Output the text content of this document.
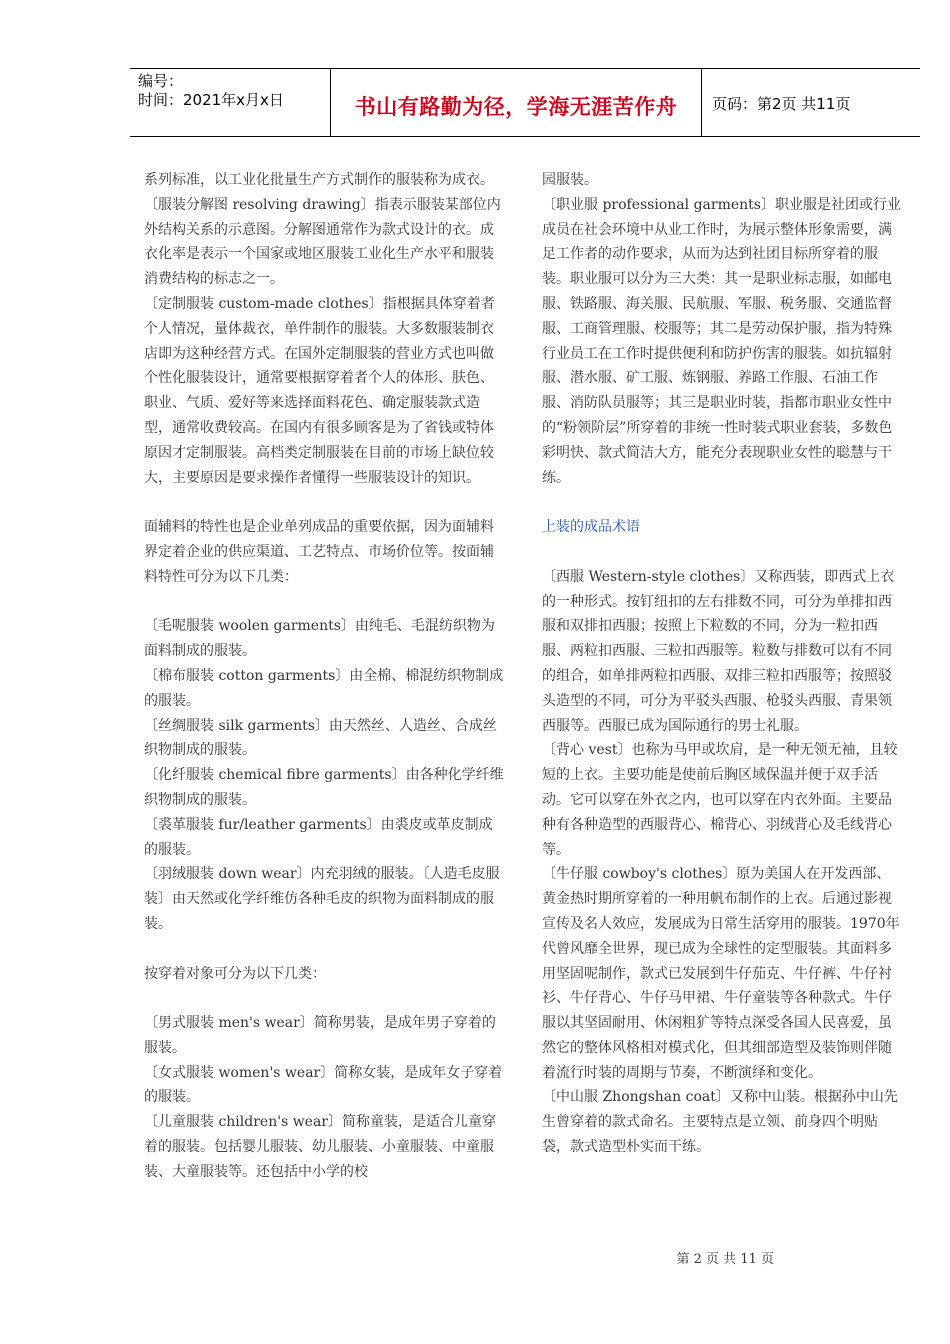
编号：
时间：2021年x月x日	书山有路勤为径，学海无涯苦作舟	页码：第2页 共11页

系列标准，以工业化批量生产方式制作的服装称为成衣。

〔服装分解图 resolving drawing〕指表示服装某部位内外结构关系的示意图。分解图通常作为款式设计的衣。成衣化率是表示一个国家或地区服装工业化生产水平和服装消费结构的标志之一。

〔定制服装 custom-made clothes〕指根据具体穿着者个人情况，量体裁衣，单件制作的服装。大多数服装制衣店即为这种经营方式。在国外定制服装的营业方式也叫做个性化服装设计，通常要根据穿着者个人的体形、肤色、职业、气质、爱好等来选择面料花色、确定服装款式造型，通常收费较高。在国内有很多顾客是为了省钱或特体原因才定制服装。高档类定制服装在目前的市场上缺位较大，主要原因是要求操作者懂得一些服装设计的知识。

面辅料的特性也是企业单列成品的重要依据，因为面辅料界定着企业的供应渠道、工艺特点、市场价位等。按面辅料特性可分为以下几类：

〔毛呢服装 woolen garments〕由纯毛、毛混纺织物为面料制成的服装。

〔棉布服装 cotton garments〕由全棉、棉混纺织物制成的服装。

〔丝绸服装 silk garments〕由天然丝、人造丝、合成丝织物制成的服装。

〔化纤服装 chemical fibre garments〕由各种化学纤维织物制成的服装。

〔裘革服装 fur/leather garments〕由裘皮或革皮制成的服装。

〔羽绒服装 down wear〕内充羽绒的服装。〔人造毛皮服装〕由天然或化学纤维仿各种毛皮的织物为面料制成的服装。

按穿着对象可分为以下几类：

〔男式服装 men's wear〕简称男装，是成年男子穿着的服装。

〔女式服装 women's wear〕简称女装，是成年女子穿着的服装。

〔儿童服装 children's wear〕简称童装，是适合儿童穿着的服装。包括婴儿服装、幼儿服装、小童服装、中童服装、大童服装等。还包括中小学的校

园服装。

〔职业服 professional garments〕职业服是社团或行业成员在社会环境中从业工作时，为展示整体形象需要，满足工作者的动作要求，从而为达到社团目标所穿着的服装。职业服可以分为三大类：其一是职业标志服，如邮电服、铁路服、海关服、民航服、军服、税务服、交通监督服、工商管理服、校服等；其二是劳动保护服，指为特殊行业员工在工作时提供便利和防护伤害的服装。如抗辐射服、潜水服、矿工服、炼钢服、养路工作服、石油工作服、消防队员服等；其三是职业时装，指都市职业女性中的“粉领阶层”所穿着的非统一性时装式职业套装，多数色彩明快、款式简洁大方，能充分表现职业女性的聪慧与干练。

上装的成品术语

〔西服 Western-style clothes〕又称西装，即西式上衣的一种形式。按钉纽扣的左右排数不同，可分为单排扣西服和双排扣西服；按照上下粒数的不同，分为一粒扣西服、两粒扣西服、三粒扣西服等。粒数与排数可以有不同的组合，如单排两粒扣西服、双排三粒扣西服等；按照驳头造型的不同，可分为平驳头西服、枪驳头西服、青果领西服等。西服已成为国际通行的男士礼服。

〔背心 vest〕也称为马甲或坎肩，是一种无领无袖，且较短的上衣。主要功能是使前后胸区域保温并便于双手活动。它可以穿在外衣之内，也可以穿在内衣外面。主要品种有各种造型的西服背心、棉背心、羽绒背心及毛线背心等。

〔牛仔服 cowboy's clothes〕原为美国人在开发西部、黄金热时期所穿着的一种用帆布制作的上衣。后通过影视宣传及名人效应，发展成为日常生活穿用的服装。1970年代曾风靡全世界，现已成为全球性的定型服装。其面料多用坚固呢制作，款式已发展到牛仔茄克、牛仔裤、牛仔衬衫、牛仔背心、牛仔马甲裙、牛仔童装等各种款式。牛仔服以其坚固耐用、休闲粗犷等特点深受各国人民喜爱，虽然它的整体风格相对模式化，但其细部造型及装饰则伴随着流行时装的周期与节奏，不断演绎和变化。

〔中山服 Zhongshan coat〕又称中山装。根据孙中山先生曾穿着的款式命名。主要特点是立领、前身四个明贴袋，款式造型朴实而干练。

第 2 页 共 11 页
